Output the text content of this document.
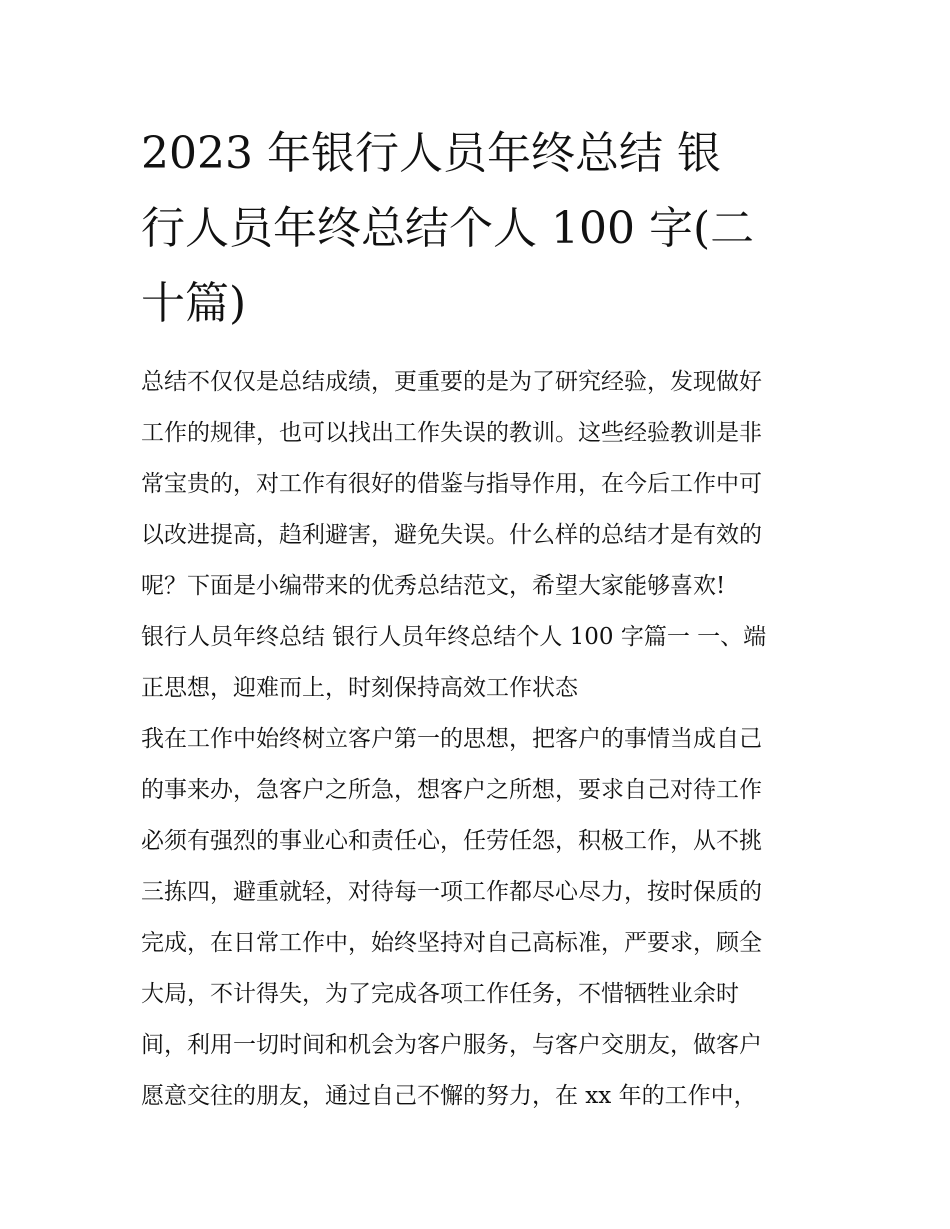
2023 年银行人员年终总结 银
行人员年终总结个人 100 字(二
十篇)
总结不仅仅是总结成绩，更重要的是为了研究经验，发现做好
工作的规律，也可以找出工作失误的教训。这些经验教训是非
常宝贵的，对工作有很好的借鉴与指导作用，在今后工作中可
以改进提高，趋利避害，避免失误。什么样的总结才是有效的
呢？下面是小编带来的优秀总结范文，希望大家能够喜欢!
银行人员年终总结 银行人员年终总结个人 100 字篇一 一、端
正思想，迎难而上，时刻保持高效工作状态
我在工作中始终树立客户第一的思想，把客户的事情当成自己
的事来办，急客户之所急，想客户之所想，要求自己对待工作
必须有强烈的事业心和责任心，任劳任怨，积极工作，从不挑
三拣四，避重就轻，对待每一项工作都尽心尽力，按时保质的
完成，在日常工作中，始终坚持对自己高标准，严要求，顾全
大局，不计得失，为了完成各项工作任务，不惜牺牲业余时
间，利用一切时间和机会为客户服务，与客户交朋友，做客户
愿意交往的朋友，通过自己不懈的努力，在 xx 年的工作中，
